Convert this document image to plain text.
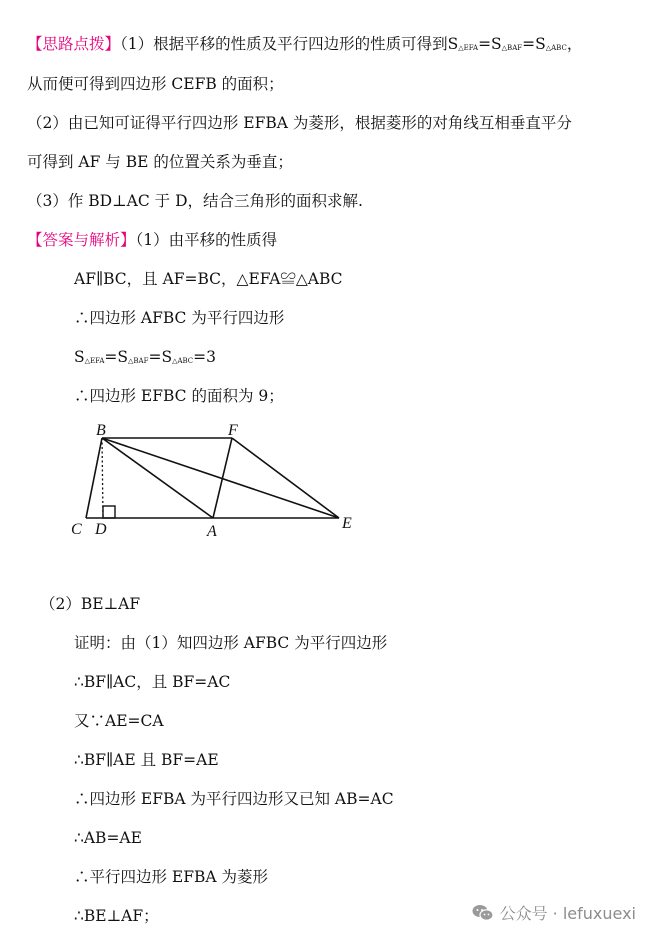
【思路点拨】（1）根据平移的性质及平行四边形的性质可得到S△EFA=S△BAF=S△ABC，
从而便可得到四边形 CEFB 的面积；
（2）由已知可证得平行四边形 EFBA 为菱形，根据菱形的对角线互相垂直平分
可得到 AF 与 BE 的位置关系为垂直；
（3）作 BD⊥AC 于 D，结合三角形的面积求解.
【答案与解析】（1）由平移的性质得
AF∥BC，且 AF=BC，△EFA≌△ABC
∴四边形 AFBC 为平行四边形
S△EFA=S△BAF=S△ABC=3
∴四边形 EFBC 的面积为 9；
B	F
C D	A	E
（2）BE⊥AF
证明：由（1）知四边形 AFBC 为平行四边形
∴BF∥AC，且 BF=AC
又∵AE=CA
∴BF∥AE 且 BF=AE
∴四边形 EFBA 为平行四边形又已知 AB=AC
∴AB=AE
∴平行四边形 EFBA 为菱形
∴BE⊥AF；	公众号 · lefuxuexi
